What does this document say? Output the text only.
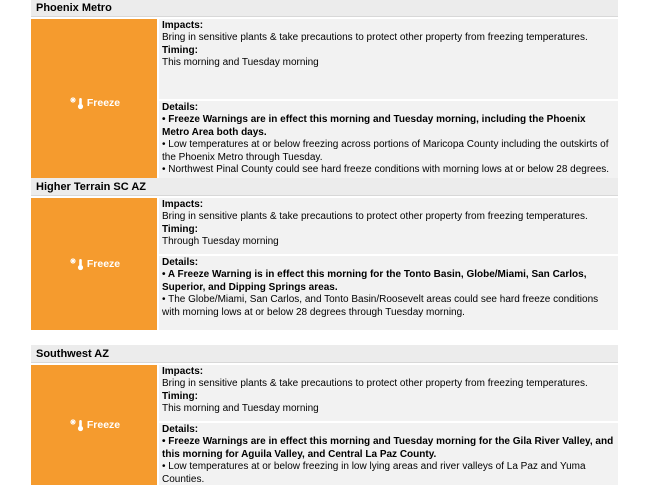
Phoenix Metro
Freeze
Impacts:
Bring in sensitive plants & take precautions to protect other property from freezing temperatures.
Timing:
This morning and Tuesday morning
Details:
• Freeze Warnings are in effect this morning and Tuesday morning, including the Phoenix Metro Area both days.
• Low temperatures at or below freezing across portions of Maricopa County including the outskirts of the Phoenix Metro through Tuesday.
• Northwest Pinal County could see hard freeze conditions with morning lows at or below 28 degrees.
Higher Terrain SC AZ
Freeze
Impacts:
Bring in sensitive plants & take precautions to protect other property from freezing temperatures.
Timing:
Through Tuesday morning
Details:
• A Freeze Warning is in effect this morning for the Tonto Basin, Globe/Miami, San Carlos, Superior, and Dipping Springs areas.
• The Globe/Miami, San Carlos, and Tonto Basin/Roosevelt areas could see hard freeze conditions with morning lows at or below 28 degrees through Tuesday morning.
Southwest AZ
Freeze
Impacts:
Bring in sensitive plants & take precautions to protect other property from freezing temperatures.
Timing:
This morning and Tuesday morning
Details:
• Freeze Warnings are in effect this morning and Tuesday morning for the Gila River Valley, and this morning for Aguila Valley, and Central La Paz County.
• Low temperatures at or below freezing in low lying areas and river valleys of La Paz and Yuma Counties.
